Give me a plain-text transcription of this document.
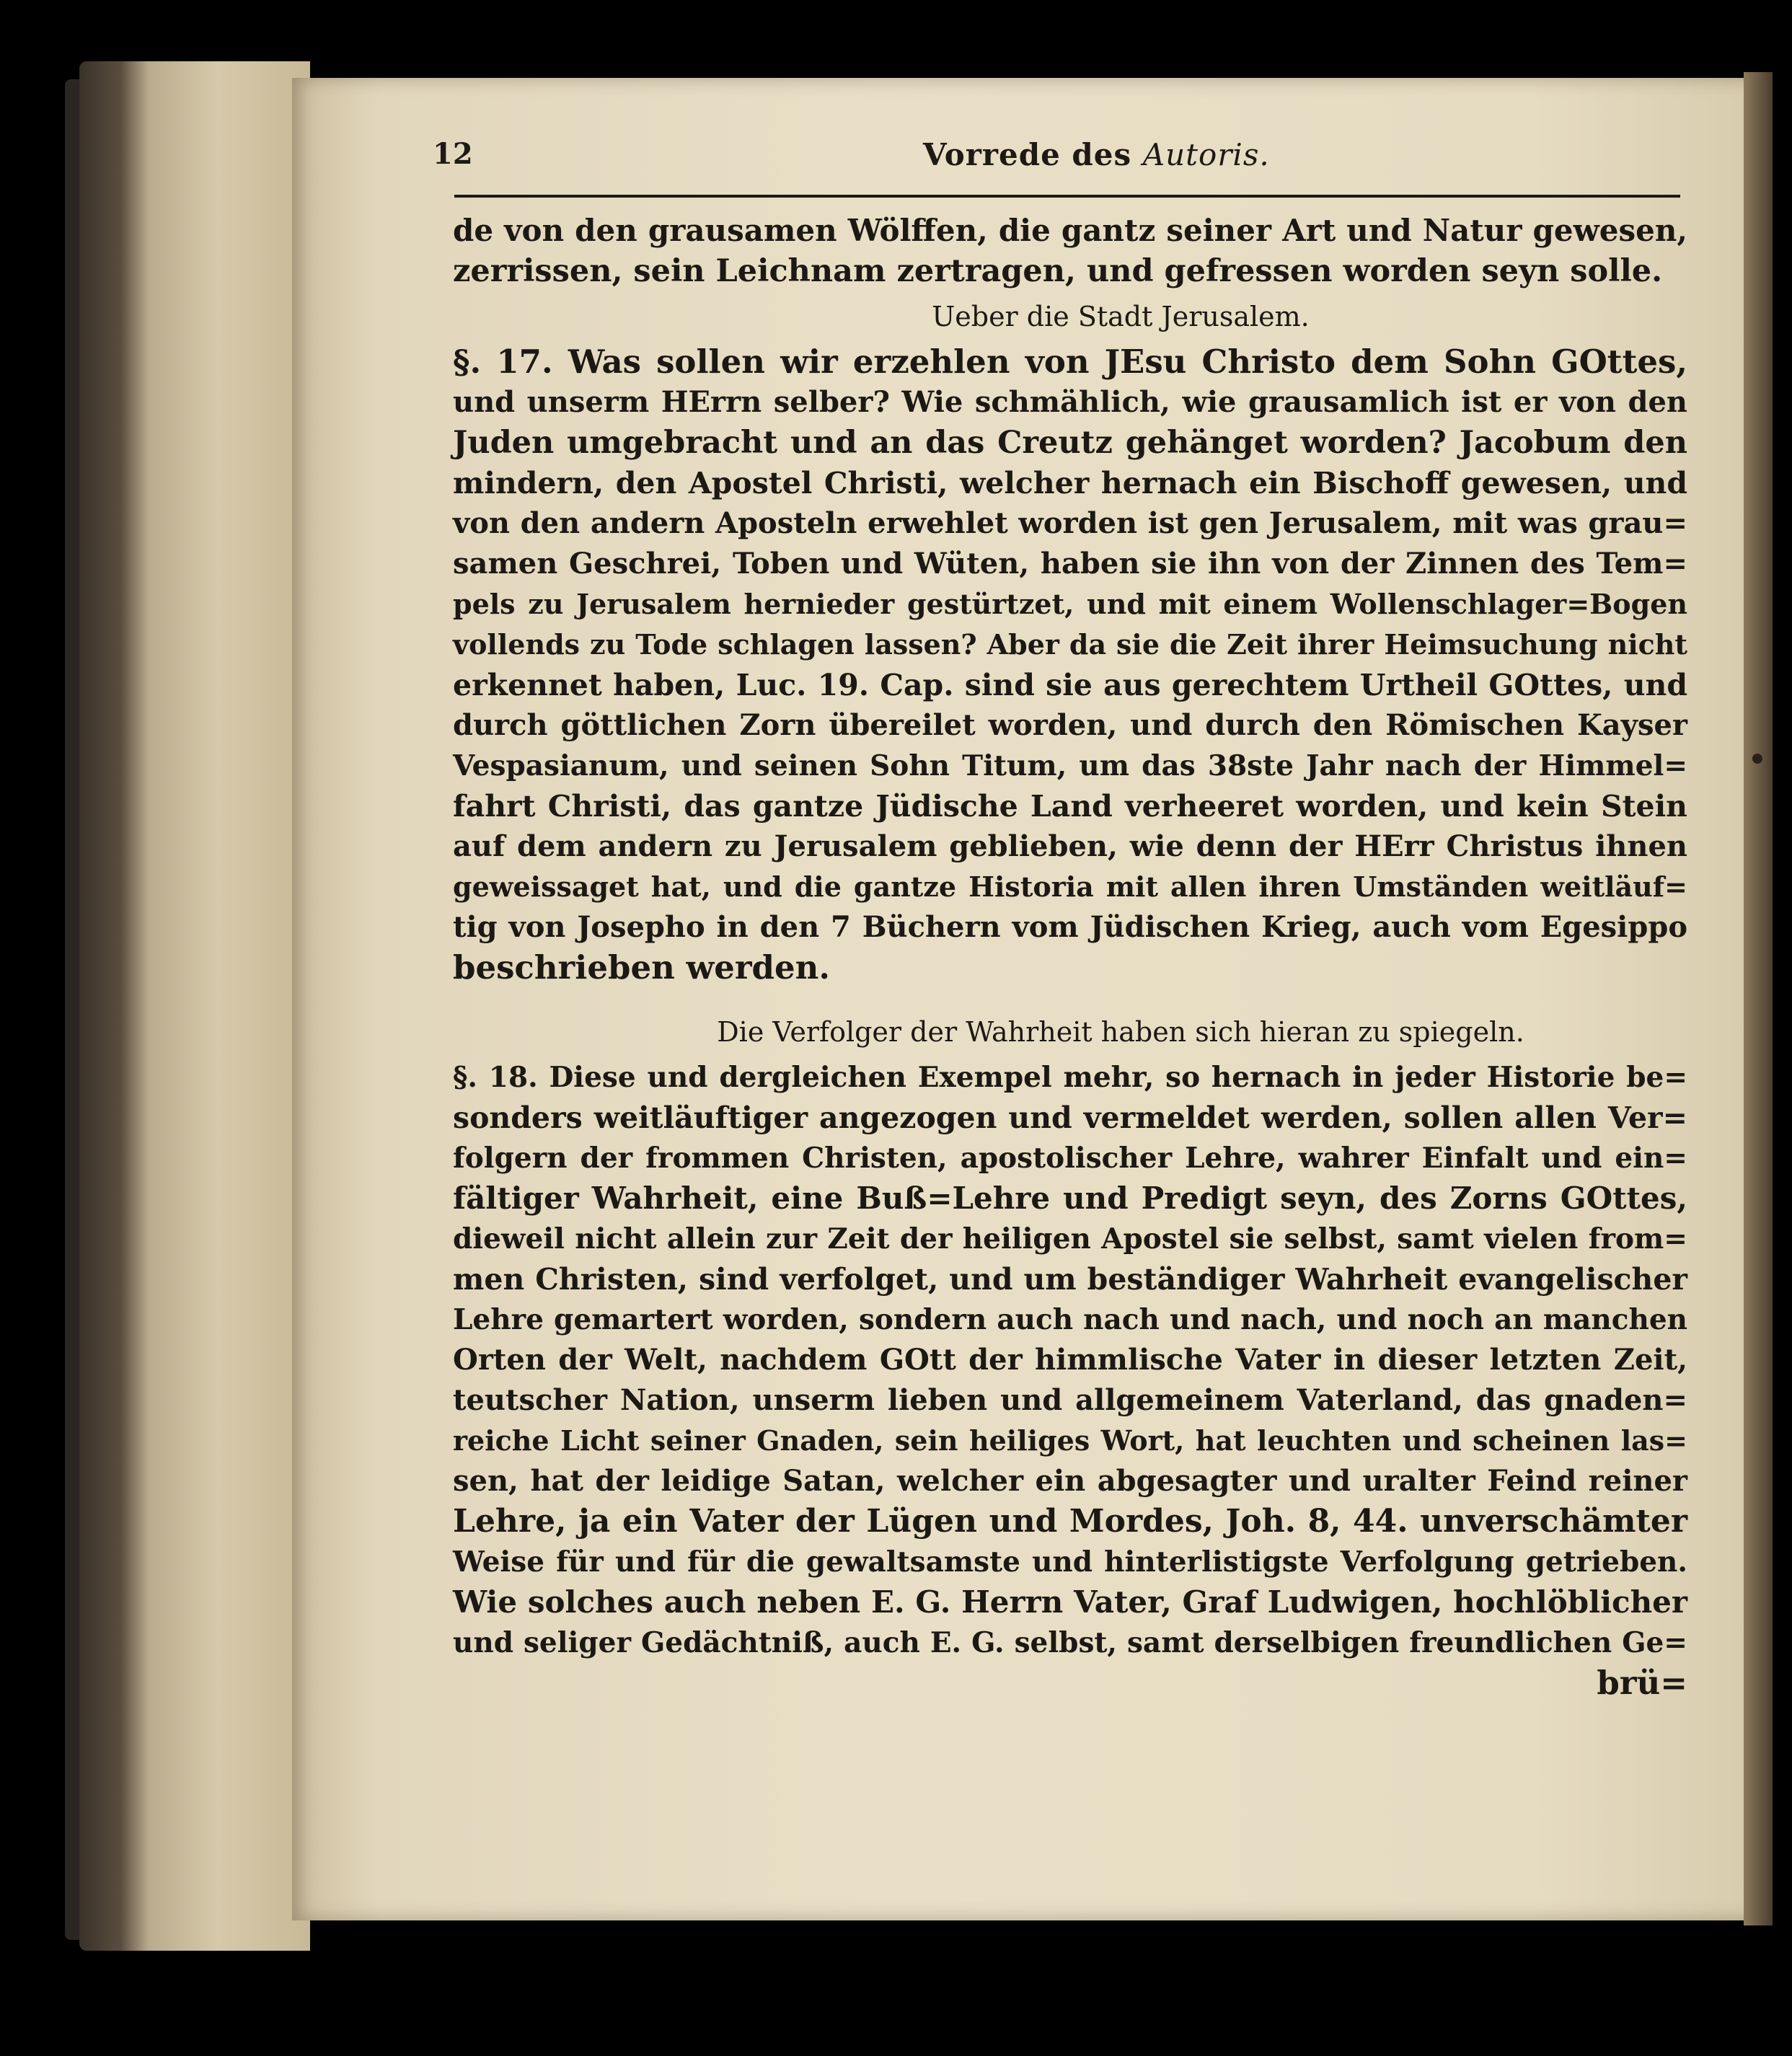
12	Vorrede des Autoris.
de von den grausamen Wölffen, die gantz seiner Art und Natur gewesen,
zerrissen, sein Leichnam zertragen, und gefressen worden seyn solle.
Ueber die Stadt Jerusalem.
§. 17. Was sollen wir erzehlen von JEsu Christo dem Sohn GOttes,
und unserm HErrn selber? Wie schmählich, wie grausamlich ist er von den
Juden umgebracht und an das Creutz gehänget worden? Jacobum den
mindern, den Apostel Christi, welcher hernach ein Bischoff gewesen, und
von den andern Aposteln erwehlet worden ist gen Jerusalem, mit was grau=
samen Geschrei, Toben und Wüten, haben sie ihn von der Zinnen des Tem=
pels zu Jerusalem hernieder gestürtzet, und mit einem Wollenschlager=Bogen
vollends zu Tode schlagen lassen? Aber da sie die Zeit ihrer Heimsuchung nicht
erkennet haben, Luc. 19. Cap. sind sie aus gerechtem Urtheil GOttes, und
durch göttlichen Zorn übereilet worden, und durch den Römischen Kayser
Vespasianum, und seinen Sohn Titum, um das 38ste Jahr nach der Himmel=
fahrt Christi, das gantze Jüdische Land verheeret worden, und kein Stein
auf dem andern zu Jerusalem geblieben, wie denn der HErr Christus ihnen
geweissaget hat, und die gantze Historia mit allen ihren Umständen weitläuf=
tig von Josepho in den 7 Büchern vom Jüdischen Krieg, auch vom Egesippo
beschrieben werden.
Die Verfolger der Wahrheit haben sich hieran zu spiegeln.
§. 18. Diese und dergleichen Exempel mehr, so hernach in jeder Historie be=
sonders weitläuftiger angezogen und vermeldet werden, sollen allen Ver=
folgern der frommen Christen, apostolischer Lehre, wahrer Einfalt und ein=
fältiger Wahrheit, eine Buß=Lehre und Predigt seyn, des Zorns GOttes,
dieweil nicht allein zur Zeit der heiligen Apostel sie selbst, samt vielen from=
men Christen, sind verfolget, und um beständiger Wahrheit evangelischer
Lehre gemartert worden, sondern auch nach und nach, und noch an manchen
Orten der Welt, nachdem GOtt der himmlische Vater in dieser letzten Zeit,
teutscher Nation, unserm lieben und allgemeinem Vaterland, das gnaden=
reiche Licht seiner Gnaden, sein heiliges Wort, hat leuchten und scheinen las=
sen, hat der leidige Satan, welcher ein abgesagter und uralter Feind reiner
Lehre, ja ein Vater der Lügen und Mordes, Joh. 8, 44. unverschämter
Weise für und für die gewaltsamste und hinterlistigste Verfolgung getrieben.
Wie solches auch neben E. G. Herrn Vater, Graf Ludwigen, hochlöblicher
und seliger Gedächtniß, auch E. G. selbst, samt derselbigen freundlichen Ge=
brü=
